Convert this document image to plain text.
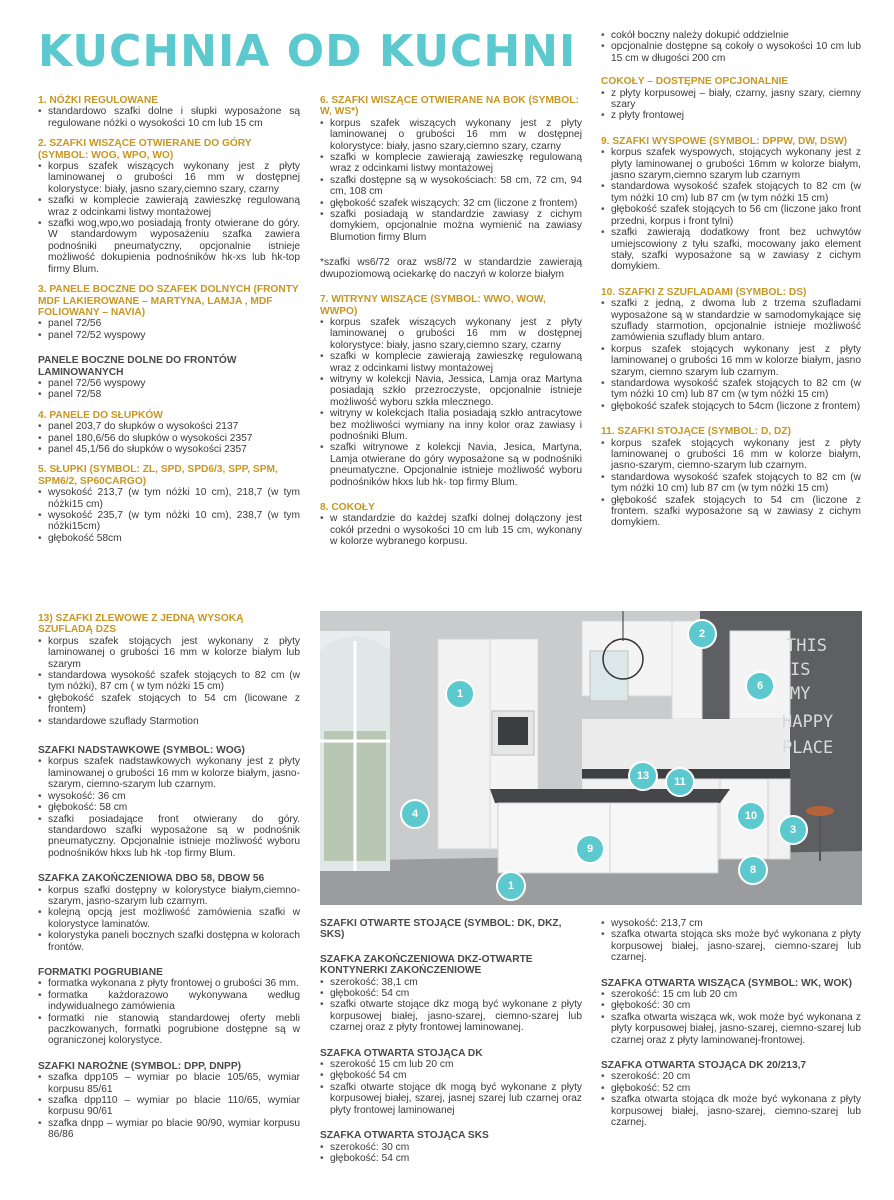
KUCHNIA OD KUCHNI
1. NÓŻKI REGULOWANE
• standardowo szafki dolne i słupki wyposażone są regulowane nóżki o wysokości 10 cm lub 15 cm
2. SZAFKI WISZĄCE OTWIERANE DO GÓRY (SYMBOL: WOG, WPO, WO)
• korpus szafek wiszących wykonany jest z płyty laminowanej o grubości 16 mm w dostępnej kolorystyce: biały, jasno szary,ciemno szary, czarny
• szafki w komplecie zawierają zawieszkę regulowaną wraz z odcinkami listwy montażowej
• szafki wog,wpo,wo posiadają fronty otwierane do góry. W standardowym wyposażeniu szafka zawiera podnośniki pneumatyczny, opcjonalnie istnieje możliwość dokupienia podnośników hk-xs lub hk-top firmy Blum.
3. PANELE BOCZNE DO SZAFEK DOLNYCH (FRONTY MDF LAKIEROWANE – MARTYNA, LAMJA , MDF FOLIOWANY – NAVIA)
• panel 72/56
• panel 72/52 wyspowy
PANELE BOCZNE DOLNE DO FRONTÓW LAMINOWANYCH
• panel 72/56 wyspowy
• panel 72/58
4. PANELE DO SŁUPKÓW
• panel 203,7 do słupków o wysokości 2137
• panel 180,6/56 do słupków o wysokości 2357
• panel 45,1/56 do słupków o wysokości 2357
5. SŁUPKI (SYMBOL: ZL, SPD, SPD6/3, SPP, SPM, SPM6/2, SP60CARGO)
• wysokość 213,7 (w tym nóżki 10 cm), 218,7 (w tym nóżki15 cm)
• wysokość 235,7 (w tym nóżki 10 cm), 238,7 (w tym nóżki15cm)
• głębokość 58cm
6. SZAFKI WISZĄCE OTWIERANE NA BOK (SYMBOL: W, WS*)
• korpus szafek wiszących wykonany jest z płyty laminowanej o grubości 16 mm w dostępnej kolorystyce: biały, jasno szary,ciemno szary, czarny
• szafki w komplecie zawierają zawieszkę regulowaną wraz z odcinkami listwy montażowej
• szafki dostępne są w wysokościach: 58 cm, 72 cm, 94 cm, 108 cm
• głębokość szafek wiszących: 32 cm (liczone z frontem)
• szafki posiadają w standardzie zawiasy z cichym domykiem, opcjonalnie można wymienić na zawiasy Blumotion firmy Blum
*szafki ws6/72 oraz ws8/72 w standardzie zawierają dwupoziomową ociekarkę do naczyń w kolorze białym
7. WITRYNY WISZĄCE (SYMBOL: WWO, WOW, WWPO)
• korpus szafek wiszących wykonany jest z płyty laminowanej o grubości 16 mm w dostępnej kolorystyce: biały, jasno szary,ciemno szary, czarny
• szafki w komplecie zawierają zawieszkę regulowaną wraz z odcinkami listwy montażowej
• witryny w kolekcji Navia, Jessica, Lamja oraz Martyna posiadają szkło przezroczyste, opcjonalnie istnieje możliwość wyboru szkła mlecznego.
• witryny w kolekcjach Italia posiadają szkło antracytowe bez możliwości wymiany na inny kolor oraz zawiasy i podnośniki Blum.
• szafki witrynowe z kolekcji Navia, Jesica, Martyna, Lamja otwierane do góry wyposażone są w podnośniki pneumatyczne. Opcjonalnie istnieje możliwość wyboru podnośników hkxs lub hk- top firmy Blum.
8. COKOŁY
• w standardzie do każdej szafki dolnej dołączony jest cokół przedni o wysokości 10 cm lub 15 cm, wykonany w kolorze wybranego korpusu.
• cokół boczny należy dokupić oddzielnie
• opcjonalnie dostępne są cokoły o wysokości 10 cm lub 15 cm w długości 200 cm
COKOŁY – DOSTĘPNE OPCJONALNIE
• z płyty korpusowej – biały, czarny, jasny szary, ciemny szary
• z płyty frontowej
9. SZAFKI WYSPOWE (SYMBOL: DPPW, DW, DSW)
• korpus szafek wyspowych, stojących wykonany jest z płyty laminowanej o grubości 16mm w kolorze białym, jasno szarym,ciemno szarym lub czarnym
• standardowa wysokość szafek stojących to 82 cm (w tym nóżki 10 cm) lub 87 cm (w tym nóżki 15 cm)
• głębokość szafek stojących to 56 cm (liczone jako front przedni, korpus i front tylni)
• szafki zawierają dodatkowy front bez uchwytów umiejscowiony z tyłu szafki, mocowany jako element stały, szafki wyposażone są w zawiasy z cichym domykiem.
10. SZAFKI Z SZUFLADAMI (SYMBOL: DS)
• szafki z jedną, z dwoma lub z trzema szufladami wyposażone są w standardzie w samodomykające się szuflady starmotion, opcjonalnie istnieje możliwość zamówienia szuflady blum antaro.
• korpus szafek stojących wykonany jest z płyty laminowanej o grubości 16 mm w kolorze białym, jasno szarym, ciemno szarym lub czarnym.
• standardowa wysokość szafek stojących to 82 cm (w tym nóżki 10 cm) lub 87 cm (w tym nóżki 15 cm)
• głębokość szafek stojących to 54cm (liczone z frontem)
11. SZAFKI STOJĄCE (SYMBOL: D, DZ)
• korpus szafek stojących wykonany jest z płyty laminowanej o grubości 16 mm w kolorze białym, jasno-szarym, ciemno-szarym lub czarnym.
• standardowa wysokość szafek stojących to 82 cm (w tym nóżki 10 cm) lub 87 cm (w tym nóżki 15 cm)
• głębokość szafek stojących to 54 cm (liczone z frontem. szafki wyposażone są w zawiasy z cichym domykiem.
13) SZAFKI ZLEWOWE Z JEDNĄ WYSOKĄ SZUFLADĄ DZS
• korpus szafek stojących jest wykonany z płyty laminowanej o grubości 16 mm w kolorze białym lub szarym
• standardowa wysokość szafek stojących to 82 cm (w tym nóżki), 87 cm ( w tym nóżki 15 cm)
• głębokość szafek stojących to 54 cm (licowane z frontem)
• standardowe szuflady Starmotion
SZAFKI NADSTAWKOWE (SYMBOL: WOG)
• korpus szafek nadstawkowych wykonany jest z płyty laminowanej o grubości 16 mm w kolorze białym, jasno-szarym, ciemno-szarym lub czarnym.
• wysokość: 36 cm
• głębokość: 58 cm
• szafki posiadające front otwierany do góry. standardowo szafki wyposażone są w podnośnik pneumatyczny. Opcjonalnie istnieje możliwość wyboru podnośników hkxs lub hk -top firmy Blum.
SZAFKA ZAKOŃCZENIOWA DBO 58, DBOW 56
• korpus szafki dostępny w kolorystyce białym,ciemno-szarym, jasno-szarym lub czarnym.
• kolejną opcją jest możliwość zamówienia szafki w kolorystyce laminatów.
• kolorystyka paneli bocznych szafki dostępna w kolorach frontów.
FORMATKI POGRUBIANE
• formatka wykonana z płyty frontowej o grubości 36 mm.
• formatka każdorazowo wykonywana według indywidualnego zamówienia
• formatki nie stanowią standardowej oferty mebli paczkowanych, formatki pogrubione dostępne są w ograniczonej kolorystyce.
SZAFKI NAROŻNE (SYMBOL: DPP, DNPP)
• szafka dpp105 – wymiar po blacie 105/65, wymiar korpusu 85/61
• szafka dpp110 – wymiar po blacie 110/65, wymiar korpusu 90/61
• szafka dnpp – wymiar po blacie 90/90, wymiar korpusu 86/86
SZAFKI OTWARTE STOJĄCE (SYMBOL: DK, DKZ, SKS)
SZAFKA ZAKOŃCZENIOWA DKZ-OTWARTE KONTYNERKI ZAKOŃCZENIOWE
• szerokość: 38,1 cm
• głębokość: 54 cm
• szafki otwarte stojące dkz mogą być wykonane z płyty korpusowej białej, jasno-szarej, ciemno-szarej lub czarnej oraz z płyty frontowej laminowanej.
SZAFKA OTWARTA STOJĄCA DK
• szerokość 15 cm lub 20 cm
• głębokość 54 cm
• szafki otwarte stojące dk mogą być wykonane z płyty korpusowej białej, szarej, jasnej szarej lub czarnej oraz płyty frontowej laminowanej
SZAFKA OTWARTA STOJĄCA SKS
• szerokość: 30 cm
• głębokość: 54 cm
• wysokość: 213,7 cm
• szafka otwarta stojąca sks może być wykonana z płyty korpusowej białej, jasno-szarej, ciemno-szarej lub czarnej.
SZAFKA OTWARTA WISZĄCA (SYMBOL: WK, WOK)
• szerokość: 15 cm lub 20 cm
• głębokość: 30 cm
• szafka otwarta wisząca wk, wok może być wykonana z płyty korpusowej białej, jasno-szarej, ciemno-szarej lub czarnej oraz z płyty laminowanej-frontowej.
SZAFKA OTWARTA STOJĄCA DK 20/213,7
• szerokość: 20 cm
• głębokość: 52 cm
• szafka otwarta stojąca dk może być wykonana z płyty korpusowej białej, jasno-szarej, ciemno-szarej lub czarnej.
THIS
IS
MY
HAPPY
PLACE
1
2
6
4
13	11
10
3
9
8
1
